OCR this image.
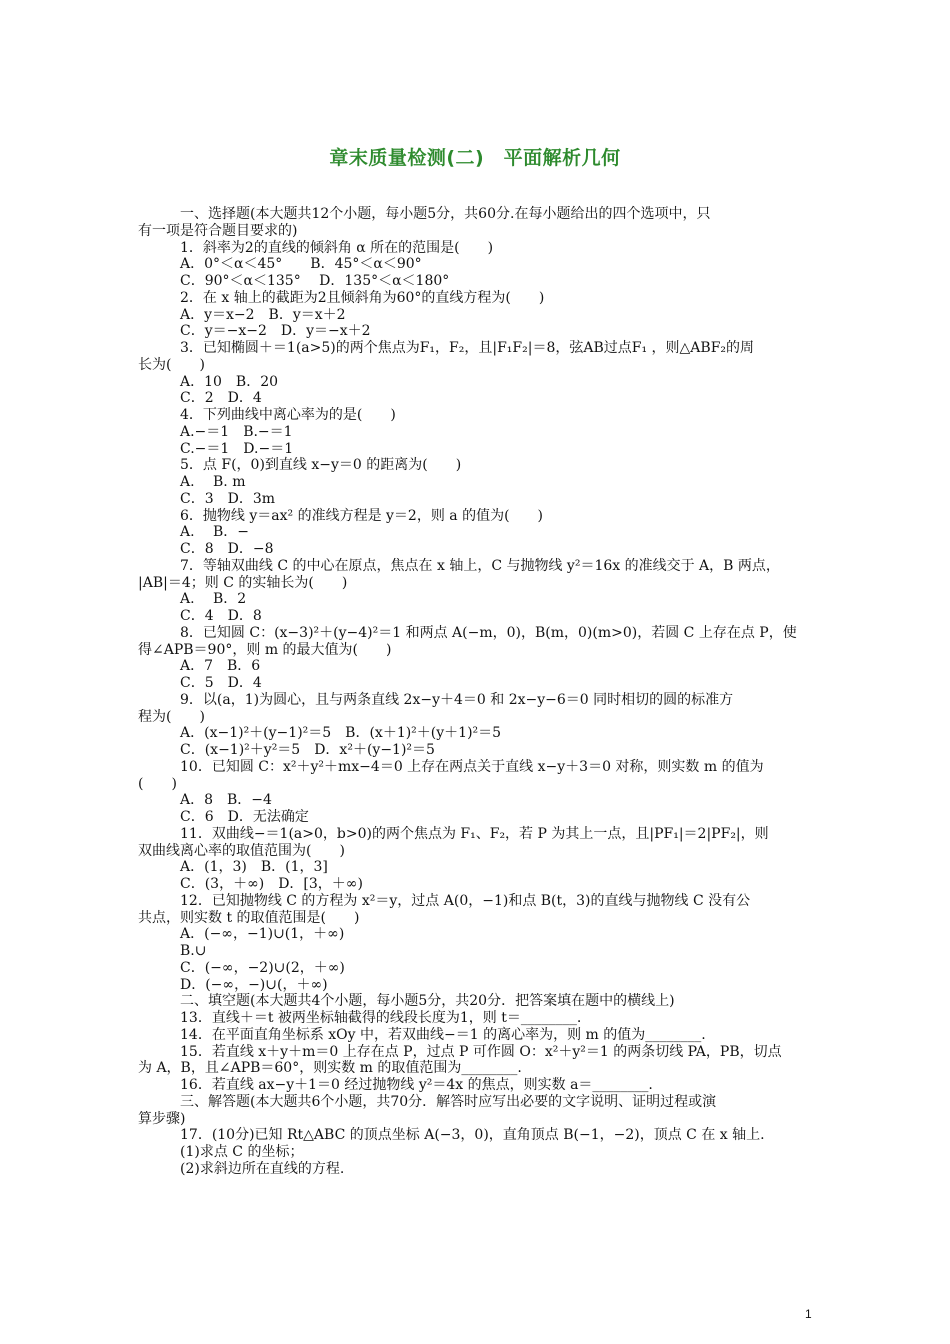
章末质量检测(二)　平面解析几何
一、选择题(本大题共12个小题，每小题5分，共60分.在每小题给出的四个选项中，只
有一项是符合题目要求的)
1．斜率为2的直线的倾斜角 α 所在的范围是(　　)
A．0°＜α＜45°　　B．45°＜α＜90°
C．90°＜α＜135°　 D．135°＜α＜180°
2．在 x 轴上的截距为2且倾斜角为60°的直线方程为(　　)
A．y＝x−2　B．y＝x＋2
C．y＝−x−2　D．y＝−x＋2
3．已知椭圆＋＝1(a>5)的两个焦点为F₁，F₂，且|F₁F₂|＝8，弦AB过点F₁ ，则△ABF₂的周
长为(　　)
A．10　B．20
C．2　D．4
4．下列曲线中离心率为的是(　　)
A.−＝1　B.−＝1
C.−＝1　D.−＝1
5．点 F(，0)到直线 x−y＝0 的距离为(　　)
A.　 B. m
C．3　D．3m
6．抛物线 y＝ax² 的准线方程是 y＝2，则 a 的值为(　　)
A.　 B．−
C．8　D．−8
7．等轴双曲线 C 的中心在原点，焦点在 x 轴上，C 与抛物线 y²＝16x 的准线交于 A，B 两点，
|AB|＝4；则 C 的实轴长为(　　)
A.　 B．2
C．4　D．8
8．已知圆 C：(x−3)²＋(y−4)²＝1 和两点 A(−m，0)，B(m，0)(m>0)，若圆 C 上存在点 P，使
得∠APB＝90°，则 m 的最大值为(　　)
A．7　B．6
C．5　D．4
9．以(a，1)为圆心，且与两条直线 2x−y＋4＝0 和 2x−y−6＝0 同时相切的圆的标准方
程为(　　)
A．(x−1)²＋(y−1)²＝5　B．(x＋1)²＋(y＋1)²＝5
C．(x−1)²＋y²＝5　D．x²＋(y−1)²＝5
10．已知圆 C：x²＋y²＋mx−4＝0 上存在两点关于直线 x−y＋3＝0 对称，则实数 m 的值为
(　　)
A．8　B．−4
C．6　D．无法确定
11．双曲线−＝1(a>0，b>0)的两个焦点为 F₁、F₂，若 P 为其上一点，且|PF₁|＝2|PF₂|，则
双曲线离心率的取值范围为(　　)
A．(1，3)　B．(1，3]
C．(3，＋∞)　D．[3，＋∞)
12．已知抛物线 C 的方程为 x²＝y，过点 A(0，−1)和点 B(t，3)的直线与抛物线 C 没有公
共点，则实数 t 的取值范围是(　　)
A．(−∞，−1)∪(1，＋∞)
B.∪
C．(−∞，−2)∪(2，＋∞)
D．(−∞，−)∪(，＋∞)
二、填空题(本大题共4个小题，每小题5分，共20分．把答案填在题中的横线上)
13．直线＋＝t 被两坐标轴截得的线段长度为1，则 t＝________.
14．在平面直角坐标系 xOy 中，若双曲线−＝1 的离心率为，则 m 的值为________.
15．若直线 x＋y＋m＝0 上存在点 P，过点 P 可作圆 O：x²＋y²＝1 的两条切线 PA，PB，切点
为 A，B，且∠APB＝60°，则实数 m 的取值范围为________.
16．若直线 ax−y＋1＝0 经过抛物线 y²＝4x 的焦点，则实数 a＝________.
三、解答题(本大题共6个小题，共70分．解答时应写出必要的文字说明、证明过程或演
算步骤)
17．(10分)已知 Rt△ABC 的顶点坐标 A(−3，0)，直角顶点 B(−1，−2)，顶点 C 在 x 轴上.
(1)求点 C 的坐标；
(2)求斜边所在直线的方程.
1
